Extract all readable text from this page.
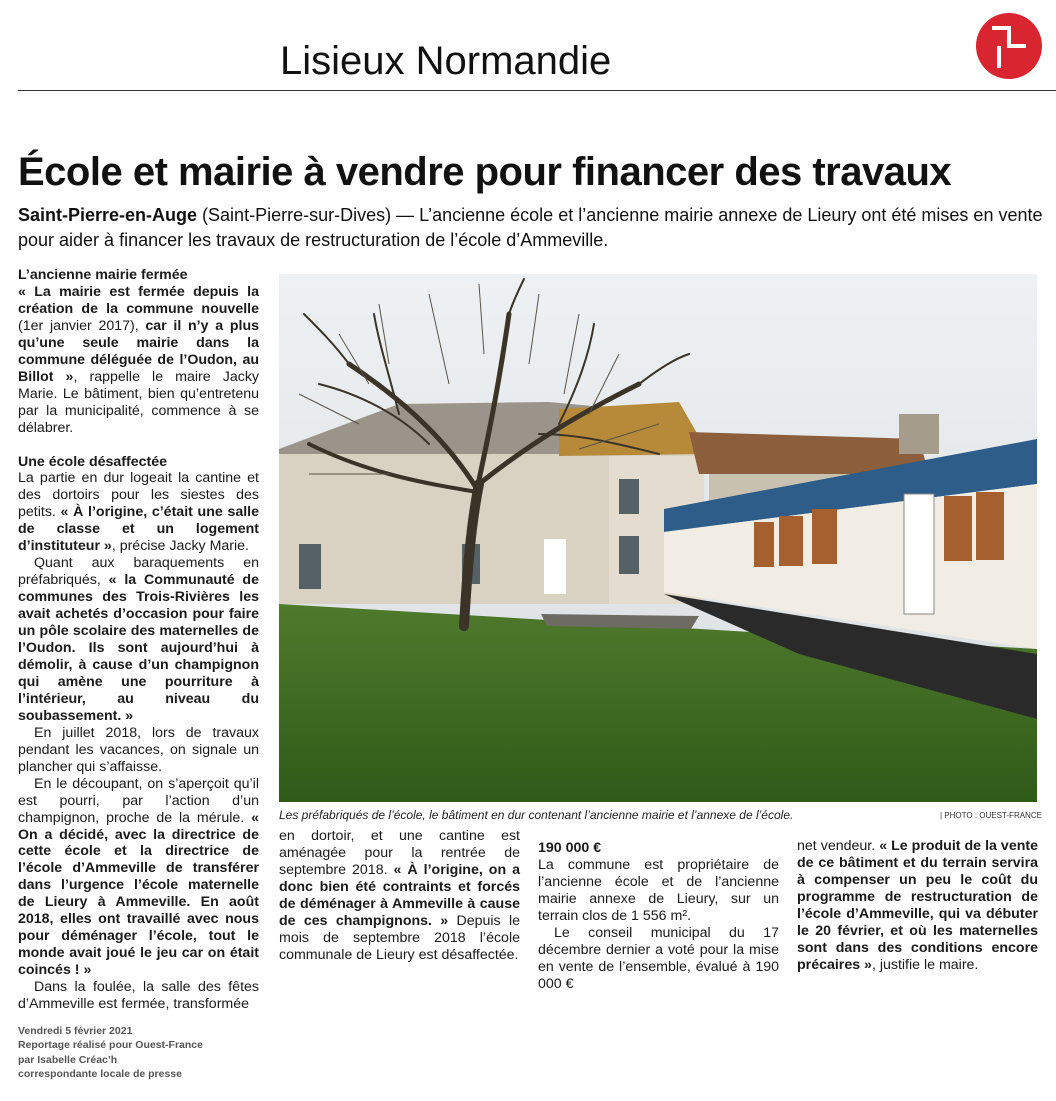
Lisieux Normandie
École et mairie à vendre pour financer des travaux
Saint-Pierre-en-Auge (Saint-Pierre-sur-Dives) — L’ancienne école et l’ancienne mairie annexe de Lieury ont été mises en vente pour aider à financer les travaux de restructuration de l’école d’Ammeville.

L’ancienne mairie fermée

« La mairie est fermée depuis la création de la commune nouvelle (1er janvier 2017), car il n’y a plus qu’une seule mairie dans la commune déléguée de l’Oudon, au Billot », rappelle le maire Jacky Marie. Le bâtiment, bien qu’entretenu par la municipalité, commence à se délabrer.

Une école désaffectée

La partie en dur logeait la cantine et des dortoirs pour les siestes des petits. « À l’origine, c’était une salle de classe et un logement d’instituteur », précise Jacky Marie.

Quant aux baraquements en préfabriqués, « la Communauté de communes des Trois-Rivières les avait achetés d’occasion pour faire un pôle scolaire des maternelles de l’Oudon. Ils sont aujourd’hui à démolir, à cause d’un champignon qui amène une pourriture à l’intérieur, au niveau du soubassement. »

En juillet 2018, lors de travaux pendant les vacances, on signale un plancher qui s’affaisse.

En le découpant, on s’aperçoit qu’il est pourri, par l’action d’un champignon, proche de la mérule. « On a décidé, avec la directrice de cette école et la directrice de l’école d’Ammeville de transférer dans l’urgence l’école maternelle de Lieury à Ammeville. En août 2018, elles ont travaillé avec nous pour déménager l’école, tout le monde avait joué le jeu car on était coincés ! »

Dans la foulée, la salle des fêtes d’Ammeville est fermée, transformée

Les préfabriqués de l’école, le bâtiment en dur contenant l’ancienne mairie et l’annexe de l’école.	| PHOTO : OUEST-FRANCE

en dortoir, et une cantine est aménagée pour la rentrée de septembre 2018. « À l’origine, on a donc bien été contraints et forcés de déménager à Ammeville à cause de ces champignons. » Depuis le mois de septembre 2018 l’école communale de Lieury est désaffectée.

190 000 €

La commune est propriétaire de l’ancienne école et de l’ancienne mairie annexe de Lieury, sur un terrain clos de 1 556 m².

Le conseil municipal du 17 décembre dernier a voté pour la mise en vente de l’ensemble, évalué à 190 000 €

net vendeur. « Le produit de la vente de ce bâtiment et du terrain servira à compenser un peu le coût du programme de restructuration de l’école d’Ammeville, qui va débuter le 20 février, et où les maternelles sont dans des conditions encore précaires », justifie le maire.

Vendredi 5 février 2021
Reportage réalisé pour Ouest-France
par Isabelle Créac’h
correspondante locale de presse
